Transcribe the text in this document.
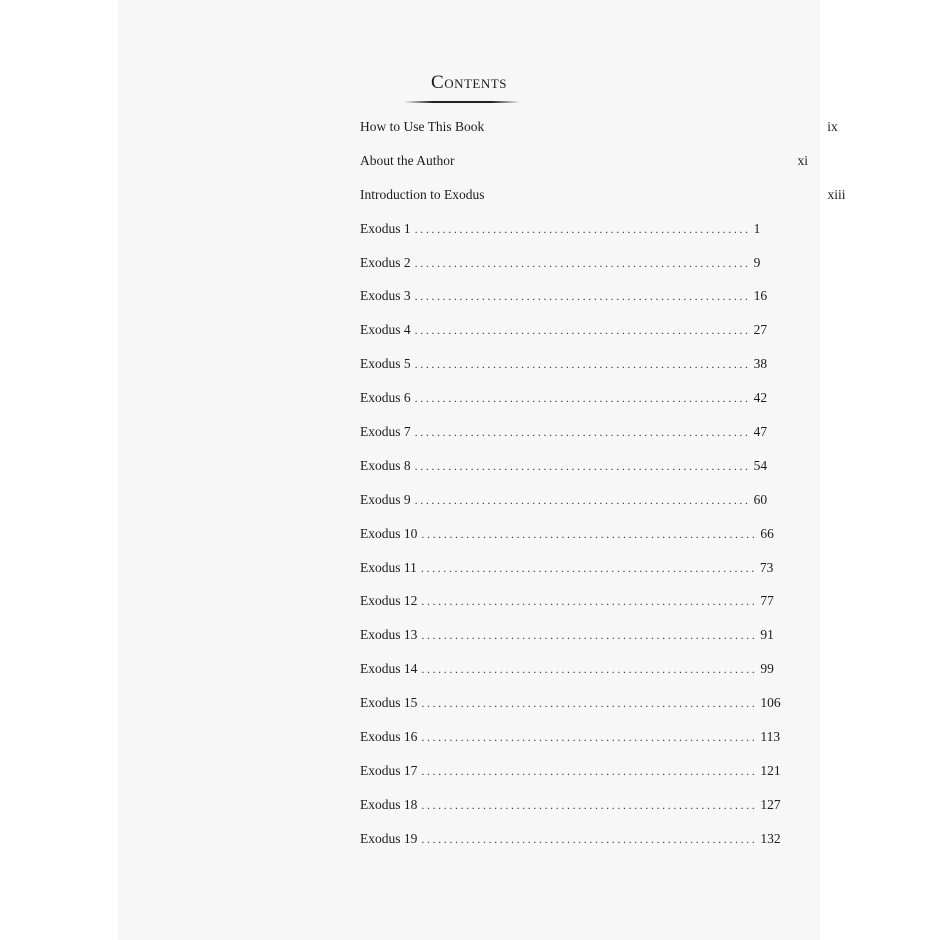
Contents
How to Use This Book	ix
About the Author	xi
Introduction to Exodus	xiii
Exodus 1 ............................................................ 1
Exodus 2 ............................................................ 9
Exodus 3 ............................................................ 16
Exodus 4 ............................................................ 27
Exodus 5 ............................................................ 38
Exodus 6 ............................................................ 42
Exodus 7 ............................................................ 47
Exodus 8 ............................................................ 54
Exodus 9 ............................................................ 60
Exodus 10 ............................................................ 66
Exodus 11 ............................................................ 73
Exodus 12 ............................................................ 77
Exodus 13 ............................................................ 91
Exodus 14 ............................................................ 99
Exodus 15 ............................................................ 106
Exodus 16 ............................................................ 113
Exodus 17 ............................................................ 121
Exodus 18 ............................................................ 127
Exodus 19 ............................................................ 132
